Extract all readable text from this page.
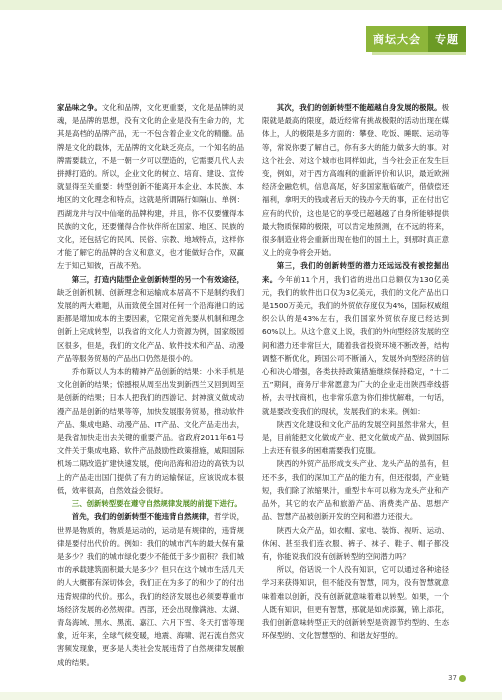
商坛大会	专题

家品味之争。文化和品牌，文化更重要，文化是品牌的灵魂，是品牌的思想，没有文化的企业是没有生命力的，尤其是高档的品牌产品，无一不包含着企业文化的精髓。品牌是文化的载体，无品牌的文化缺乏亮点，一个知名的品牌需要载立，不是一朝一夕可以塑造的，它需要几代人去拼搏打造的。所以，企业文化的树立、培育、建设、宣传就显得至关重要：转型创新不能离开本企业、本民族、本地区的文化理念和特点，这就是所谓隔行如隔山、单例：西湖龙井与汉中仙毫的品牌构建，并且，你不仅要懂得本民族的文化，还要懂得合作伙伴所在国家、地区、民族的文化，还包括它的民风、民俗、宗教、地域特点，这样你才能了解它的品牌的含义和意义，也才能做好合作，双赢左于知己知彼，百战不殆。

第三，打造内陆型企业创新转型的另一个有效途径，缺乏创新机制、创新理念和运输成本居高不下是制约我们发展的两大难题，从而致使全国对任何一个沿海港口的远距都是增加成本的主要因素，它限定首先要从机制和理念创新上完成转型，以我省的文化人力资源为例，国家级园区很多，但是，我们的文化产品、软件技术和产品、动漫产品等服务贸易的产品出口仍然是很小的。

乔布斯以人为本的精神产品创新的结果：小米手机是文化创新的结果；惊撼根从周至出发到新西兰又回到周至是创新的结果；日本人把我们的西游记、封神演义做成动漫产品是创新的结果等等，加快发展服务贸易，推动软件产品、集成电路、动漫产品、IT产品、文化产品走出去，是我省加快走出去关键的重要产品。省政府2011年61号文件关于集成电路、软件产品鼓励性政策措施，咸阳国际机场二期改造扩建快速发展，使向沿海和沿边的高铁为以上的产品走出国门提供了有力的运输保证，应该说成本很低，效率很高，自然效益会很好。

三、创新转型要在遵守自然规律发展的前提下进行。

首先，我们的创新转型不能违背自然规律，哲学说，世界是物质的，物质是运动的，运动是有规律的，违背规律是要付出代价的。例如：我们的城市汽车的最大保有量是多少？我们的城市绿化要少不能低于多少面积？我们城市的承载建筑面积最大是多少？但只在这个城市生活几天的人大概都有深切体会，我们正在为多了的和少了的付出违背规律的代价。那么，我们的经济发展也必须要尊重市场经济发展的必然规律。西部，还会出现像满池、太湖、青岛海域、黑水、黑流、嘉江、六月下雪、冬天打雷等现象，近年来，全球气候变暖，地震、海啸、泥石流自然灾害频发现象，更多是人类社会发展违背了自然规律发展酿成的结果。

其次，我们的创新转型不能超越自身发展的极限。极限就是最高的限度，最近经常有挑战极限的活动出现在媒体上，人的极限是多方面的：攀登、吃饭、睡眠、运动等等，常说你要了解自己，你有多大的能力做多大的事。对这个社会、对这个城市也同样如此，当今社会正在发生巨变，例如，对于西方高端利的重新评价和认识，最近欧洲经济金融危机，信息高尾，好多国家瓶临破产，借债偿还福利，拿明天的钱或者后天的钱办今天的事，正在付出它应有的代价，这也是它的享受已超越越了自身所能够提供最大物质保障的极限，可以肯定地预测，在不远的将来，很多制造业将会重新出现在他们的国土上，到那时真正意义上的竞争将会开始。

第三，我们的创新转型的潜力还远远没有被挖掘出来。今年前11个月，我们省的进出口总额仅为130亿美元，我们的软件出口仅为3亿美元，我们的文化产品出口是1500万美元，我们的外贸依存度仅为4%，国际权威组织公认的是43%左右，我们国家外贸依存度已经达到60%以上。从这个意义上说，我们的外向型经济发展的空间和潜力还非常巨大，随着我省投资环境不断改善，结构调整不断优化，跨国公司不断涌入，发展外向型经济的信心和决心增强，各类扶持政策措施继续保持稳定，“十二五”期间，商务厅非常愿意为广大的企业走出陕西牵线搭桥，去寻找商机，也非常乐意为你们排忧解难，一句话，就是要改变我们的现状，发展我们的未来。例如：

陕西文化建设和文化产品的发展空间虽然非常大，但是，目前能把文化做成产业、把文化做成产品、做到国际上去还有很多的困难需要我们克服。

陕西的外贸产品形成支头产业、龙头产品的虽有，但还不多，我们的深加工产品的能力有，但还很弱，产业链短，我们除了浓缩果汁，重型卡车可以称为龙头产业和产品外，其它的农产品和旅游产品、消费类产品、思想产品、智慧产品被创新开发的空间和潜力还很大。

陕西大众产品，如衣帽、家电、装饰、视听、运动、休闲、甚至我们连衣服、裤子、袜子、鞋子、帽子都没有，你能说我们没有创新转型的空间潜力吗？

所以，俗话说一个人没有知识，它可以通过各种途径学习来获得知识，但不能没有智慧，同为，没有智慧就意味着难以创新，没有创新就意味着难以转型。如果，一个人既有知识，但更有智慧，那就是如虎添翼，锦上添花，我们创新意味转型正天的创新转型是资源节约型的、生态环保型的、文化智慧型的、和谐友好型的。

37
